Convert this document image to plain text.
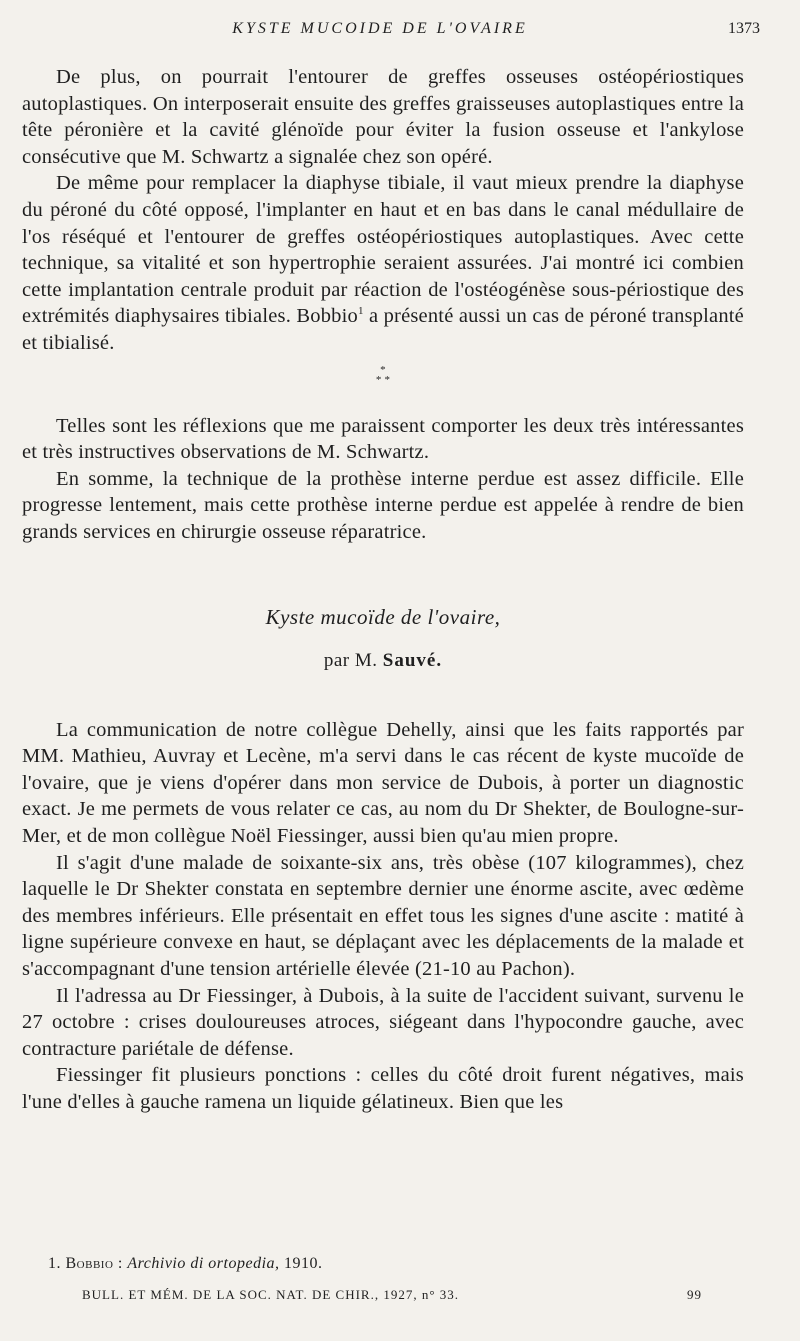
KYSTE MUCOIDE DE L'OVAIRE	1373

De plus, on pourrait l'entourer de greffes osseuses ostéopériostiques autoplastiques. On interposerait ensuite des greffes graisseuses autoplastiques entre la tête péronière et la cavité glénoïde pour éviter la fusion osseuse et l'ankylose consécutive que M. Schwartz a signalée chez son opéré.

De même pour remplacer la diaphyse tibiale, il vaut mieux prendre la diaphyse du péroné du côté opposé, l'implanter en haut et en bas dans le canal médullaire de l'os réséqué et l'entourer de greffes ostéopériostiques autoplastiques. Avec cette technique, sa vitalité et son hypertrophie seraient assurées. J'ai montré ici combien cette implantation centrale produit par réaction de l'ostéogénèse sous-périostique des extrémités diaphysaires tibiales. Bobbio$^1$ a présenté aussi un cas de péroné transplanté et tibialisé.

*
* *

Telles sont les réflexions que me paraissent comporter les deux très intéressantes et très instructives observations de M. Schwartz.

En somme, la technique de la prothèse interne perdue est assez difficile. Elle progresse lentement, mais cette prothèse interne perdue est appelée à rendre de bien grands services en chirurgie osseuse réparatrice.

Kyste mucoïde de l'ovaire,
par M. Sauvé.

La communication de notre collègue Dehelly, ainsi que les faits rapportés par MM. Mathieu, Auvray et Lecène, m'a servi dans le cas récent de kyste mucoïde de l'ovaire, que je viens d'opérer dans mon service de Dubois, à porter un diagnostic exact. Je me permets de vous relater ce cas, au nom du Dr Shekter, de Boulogne-sur-Mer, et de mon collègue Noël Fiessinger, aussi bien qu'au mien propre.

Il s'agit d'une malade de soixante-six ans, très obèse (107 kilogrammes), chez laquelle le Dr Shekter constata en septembre dernier une énorme ascite, avec œdème des membres inférieurs. Elle présentait en effet tous les signes d'une ascite : matité à ligne supérieure convexe en haut, se déplaçant avec les déplacements de la malade et s'accompagnant d'une tension artérielle élevée (21-10 au Pachon).

Il l'adressa au Dr Fiessinger, à Dubois, à la suite de l'accident suivant, survenu le 27 octobre : crises douloureuses atroces, siégeant dans l'hypocondre gauche, avec contracture pariétale de défense.

Fiessinger fit plusieurs ponctions : celles du côté droit furent négatives, mais l'une d'elles à gauche ramena un liquide gélatineux. Bien que les

1. Bobbio : Archivio di ortopedia, 1910.
BULL. ET MÉM. DE LA SOC. NAT. DE CHIR., 1927, n° 33.	99
